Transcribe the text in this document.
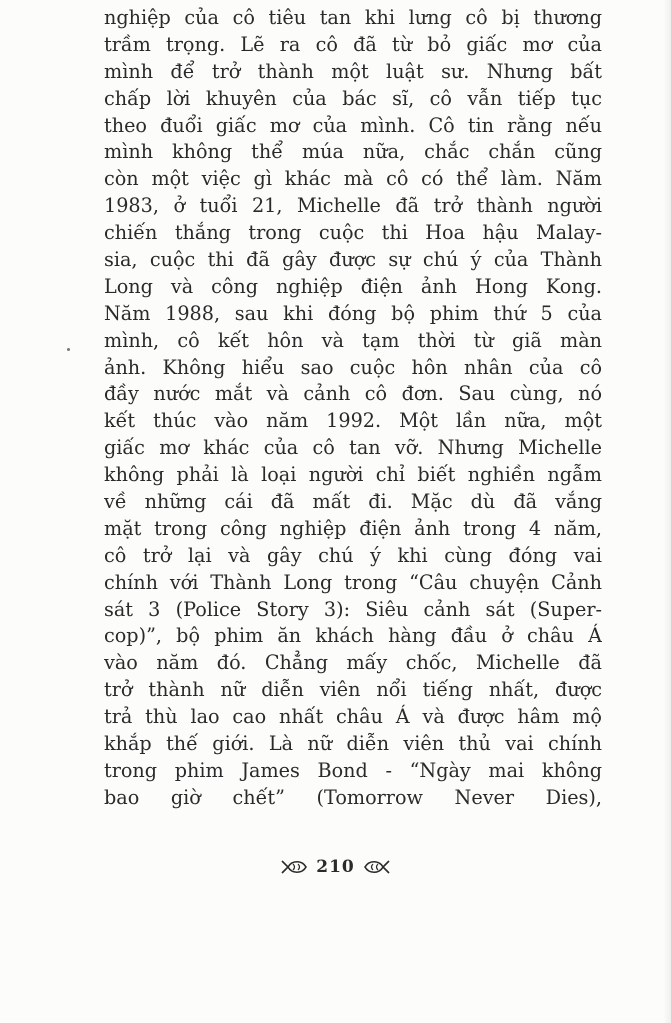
nghiệp của cô tiêu tan khi lưng cô bị thương
trầm trọng. Lẽ ra cô đã từ bỏ giấc mơ của
mình để trở thành một luật sư. Nhưng bất
chấp lời khuyên của bác sĩ, cô vẫn tiếp tục
theo đuổi giấc mơ của mình. Cô tin rằng nếu
mình không thể múa nữa, chắc chắn cũng
còn một việc gì khác mà cô có thể làm. Năm
1983, ở tuổi 21, Michelle đã trở thành người
chiến thắng trong cuộc thi Hoa hậu Malay-
sia, cuộc thi đã gây được sự chú ý của Thành
Long và công nghiệp điện ảnh Hong Kong.
Năm 1988, sau khi đóng bộ phim thứ 5 của
mình, cô kết hôn và tạm thời từ giã màn
ảnh. Không hiểu sao cuộc hôn nhân của cô
đầy nước mắt và cảnh cô đơn. Sau cùng, nó
kết thúc vào năm 1992. Một lần nữa, một
giấc mơ khác của cô tan vỡ. Nhưng Michelle
không phải là loại người chỉ biết nghiền ngẫm
về những cái đã mất đi. Mặc dù đã vắng
mặt trong công nghiệp điện ảnh trong 4 năm,
cô trở lại và gây chú ý khi cùng đóng vai
chính với Thành Long trong “Câu chuyện Cảnh
sát 3 (Police Story 3): Siêu cảnh sát (Super-
cop)”, bộ phim ăn khách hàng đầu ở châu Á
vào năm đó. Chẳng mấy chốc, Michelle đã
trở thành nữ diễn viên nổi tiếng nhất, được
trả thù lao cao nhất châu Á và được hâm mộ
khắp thế giới. Là nữ diễn viên thủ vai chính
trong phim James Bond - “Ngày mai không
bao giờ chết” (Tomorrow Never Dies),
210
